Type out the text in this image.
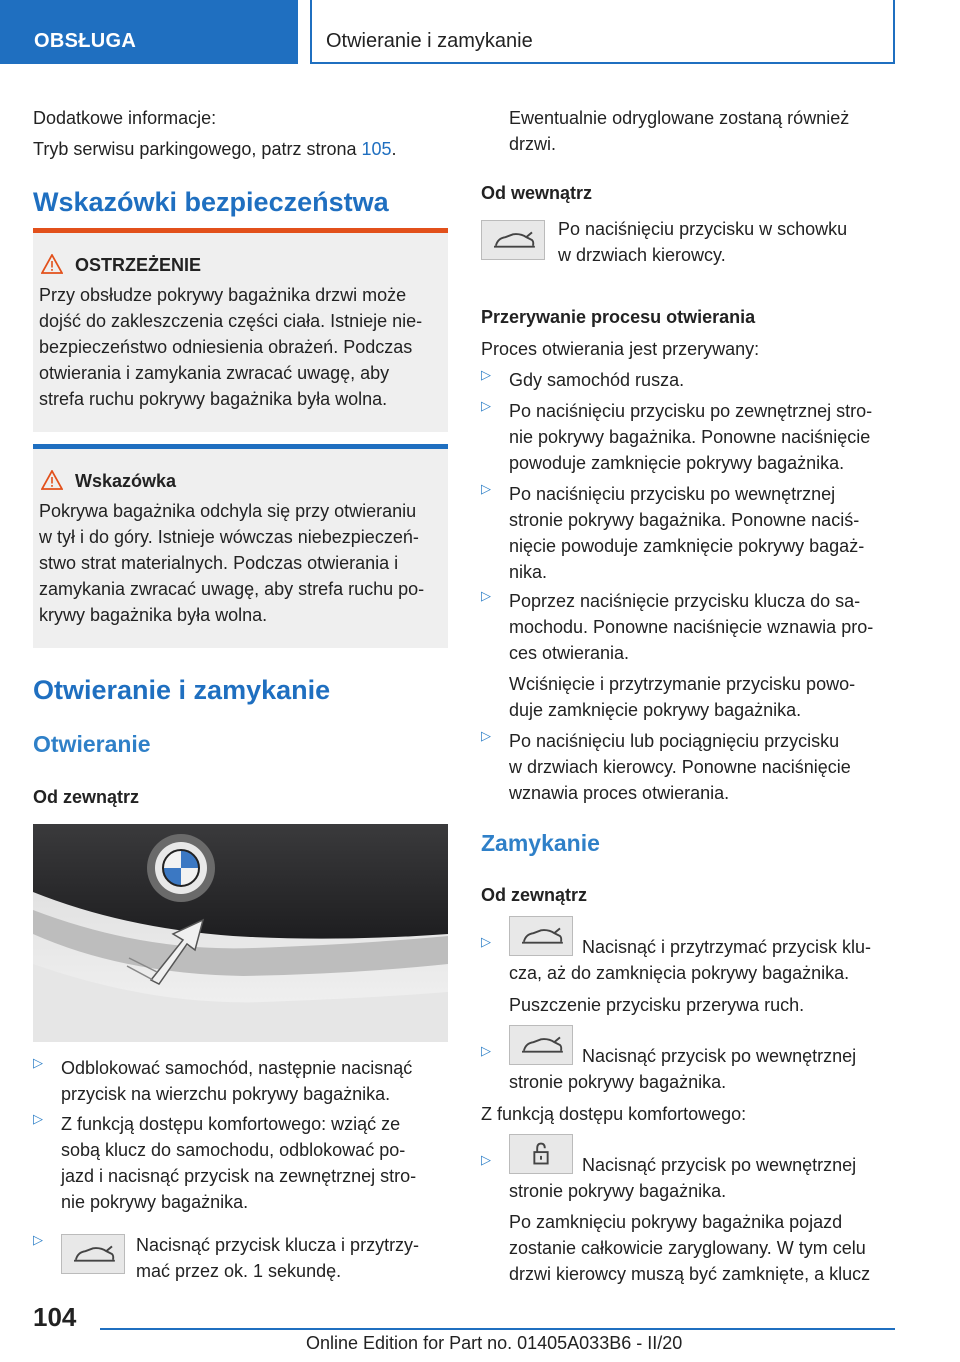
OBSŁUGA	Otwieranie i zamykanie
Dodatkowe informacje:
Tryb serwisu parkingowego, patrz strona 105.
Wskazówki bezpieczeństwa
OSTRZEŻENIE
Przy obsłudze pokrywy bagażnika drzwi może
dojść do zakleszczenia części ciała. Istnieje nie-
bezpieczeństwo odniesienia obrażeń. Podczas
otwierania i zamykania zwracać uwagę, aby
strefa ruchu pokrywy bagażnika była wolna.
Wskazówka
Pokrywa bagażnika odchyla się przy otwieraniu
w tył i do góry. Istnieje wówczas niebezpieczeń-
stwo strat materialnych. Podczas otwierania i
zamykania zwracać uwagę, aby strefa ruchu po-
krywy bagażnika była wolna.
Otwieranie i zamykanie
Otwieranie
Od zewnątrz
▷ Odblokować samochód, następnie nacisnąć
przycisk na wierzchu pokrywy bagażnika.
▷ Z funkcją dostępu komfortowego: wziąć ze
sobą klucz do samochodu, odblokować po-
jazd i nacisnąć przycisk na zewnętrznej stro-
nie pokrywy bagażnika.
▷	Nacisnąć przycisk klucza i przytrzy-
mać przez ok. 1 sekundę.
Ewentualnie odryglowane zostaną również
drzwi.
Od wewnątrz
Po naciśnięciu przycisku w schowku
w drzwiach kierowcy.
Przerywanie procesu otwierania
Proces otwierania jest przerywany:
▷ Gdy samochód rusza.
▷ Po naciśnięciu przycisku po zewnętrznej stro-
nie pokrywy bagażnika. Ponowne naciśnięcie
powoduje zamknięcie pokrywy bagażnika.
▷ Po naciśnięciu przycisku po wewnętrznej
stronie pokrywy bagażnika. Ponowne naciś-
nięcie powoduje zamknięcie pokrywy bagaż-
nika.
▷ Poprzez naciśnięcie przycisku klucza do sa-
mochodu. Ponowne naciśnięcie wznawia pro-
ces otwierania.
Wciśnięcie i przytrzymanie przycisku powo-
duje zamknięcie pokrywy bagażnika.
▷ Po naciśnięciu lub pociągnięciu przycisku
w drzwiach kierowcy. Ponowne naciśnięcie
wznawia proces otwierania.
Zamykanie
Od zewnątrz
▷	Nacisnąć i przytrzymać przycisk klu-
cza, aż do zamknięcia pokrywy bagażnika.
Puszczenie przycisku przerywa ruch.
▷	Nacisnąć przycisk po wewnętrznej
stronie pokrywy bagażnika.
Z funkcją dostępu komfortowego:
▷	Nacisnąć przycisk po wewnętrznej
stronie pokrywy bagażnika.
Po zamknięciu pokrywy bagażnika pojazd
zostanie całkowicie zaryglowany. W tym celu
drzwi kierowcy muszą być zamknięte, a klucz
104
Online Edition for Part no. 01405A033B6 - II/20
